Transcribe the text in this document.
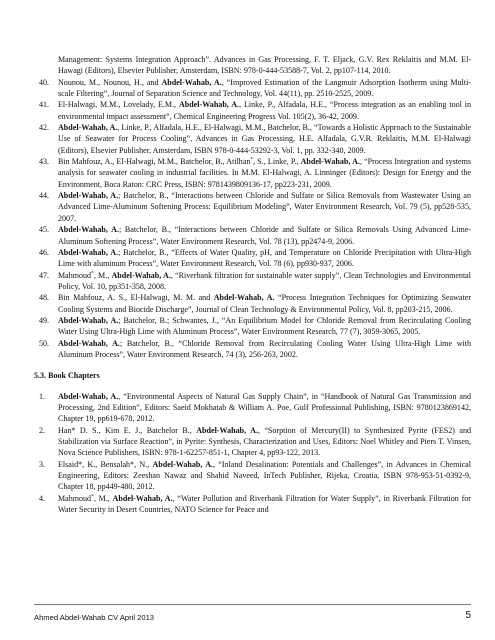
Management: Systems Integration Approach”. Advances in Gas Processing, F. T. Eljack, G.V. Rex Reklaitis and M.M. El-Hawagi (Editors), Elsevier Publisher, Amsterdam, ISBN: 978-0-444-53588-7, Vol. 2, pp107-114, 2010.
40. Nounou, M., Nounou, H., and Abdel-Wahab, A., “Improved Estimation of the Langmuir Adsorption Isotherm using Multi-scale Filtering”, Journal of Separation Science and Technology, Vol. 44(11), pp. 2510-2525, 2009.
41. El-Halwagi, M.M., Lovelady, E.M., Abdel-Wahab, A., Linke, P., Alfadala, H.E., “Process integration as an enabling tool in environmental impact assessment”, Chemical Engineering Progress Vol. 105(2), 36-42, 2009.
42. Abdel-Wahab, A., Linke, P., Alfadala, H.E., El-Halwagi, M.M., Batchelor, B., “Towards a Holistic Approach to the Sustainable Use of Seawater for Process Cooling”, Advances in Gas Processing, H.E. Alfadala, G.V.R. Reklaitis, M.M. El-Halwagi (Editors), Elsevier Publisher, Amsterdam, ISBN 978-0-444-53292-3, Vol. 1, pp. 332-340, 2009.
43. Bin Mahfouz, A., El-Halwagi, M.M., Batchelor, B., Atilhan*, S., Linke, P., Abdel-Wahab, A., “Process Integration and systems analysis for seawater cooling in industrial facilities. In M.M. El-Halwagi, A. Linninger (Editors): Design for Energy and the Environment, Boca Raton: CRC Press, ISBN: 9781439809136-17, pp223-231, 2009.
44. Abdel-Wahab, A.; Batchelor, B., “Interactions between Chloride and Sulfate or Silica Removals from Wastewater Using an Advanced Lime-Aluminum Softening Process: Equilibrium Modeling”, Water Environment Research, Vol. 79 (5), pp528-535, 2007.
45. Abdel-Wahab, A.; Batchelor, B., “Interactions between Chloride and Sulfate or Silica Removals Using Advanced Lime-Aluminum Softening Process”, Water Environment Research, Vol. 78 (13), pp2474-9, 2006.
46. Abdel-Wahab, A.; Batchelor, B., “Effects of Water Quality, pH, and Temperature on Chloride Precipitation with Ultra-High Lime with aluminum Process”, Water Environment Research, Vol. 78 (6), pp930-937, 2006.
47. Mahmoud*, M., Abdel-Wahab, A., “Riverbank filtration for sustainable water supply”, Clean Technologies and Environmental Policy, Vol. 10, pp351-358, 2008.
48. Bin Mahfouz, A. S., El-Halwagi, M. M. and Abdel-Wahab, A. “Process Integration Techniques for Optimizing Seawater Cooling Systems and Biocide Discharge”, Journal of Clean Technology & Environmental Policy, Vol. 8, pp203-215, 2006.
49. Abdel-Wahab, A.; Batchelor, B.; Schwantes, J., “An Equilibrium Model for Chloride Removal from Recirculating Cooling Water Using Ultra-High Lime with Aluminum Process”, Water Environment Research, 77 (7), 3059-3065, 2005.
50. Abdel-Wahab, A.; Batchelor, B., “Chloride Removal from Recirculating Cooling Water Using Ultra-High Lime with Aluminum Process”, Water Environment Research, 74 (3), 256-263, 2002.
5.3. Book Chapters
1. Abdel-Wahab, A., “Environmental Aspects of Natural Gas Supply Chain”, in “Handbook of Natural Gas Transmission and Processing, 2nd Edition”, Editors: Saeid Mokhatab & William A. Poe, Gulf Professional Publishing, ISBN: 9780123869142, Chapter 19, pp619-678, 2012.
2. Han* D. S., Kim E. J., Batchelor B., Abdel-Wahab, A., “Sorption of Mercury(II) to Synthesized Pyrite (FES2) and Stabilization via Surface Reaction”, in Pyrite: Synthesis, Characterization and Uses, Editors: Noel Whitley and Piers T. Vinsen, Nova Science Publishers, ISBN: 978-1-62257-851-1, Chapter 4, pp93-122, 2013.
3. Elsaid*, K., Bensalah*, N., Abdel-Wahab, A., “Inland Desalination: Potentials and Challenges”, in Advances in Chemical Engineering, Editors: Zeeshan Nawaz and Shahid Naveed, InTech Publisher, Rijeka, Croatia, ISBN 978-953-51-0392-9, Chapter 18, pp449-480, 2012.
4. Mahmoud*, M., Abdel-Wahab, A., “Water Pollution and Riverbank Filtration for Water Supply”, in Riverbank Filtration for Water Security in Desert Countries, NATO Science for Peace and
Ahmed Abdel-Wahab CV April 2013	5
